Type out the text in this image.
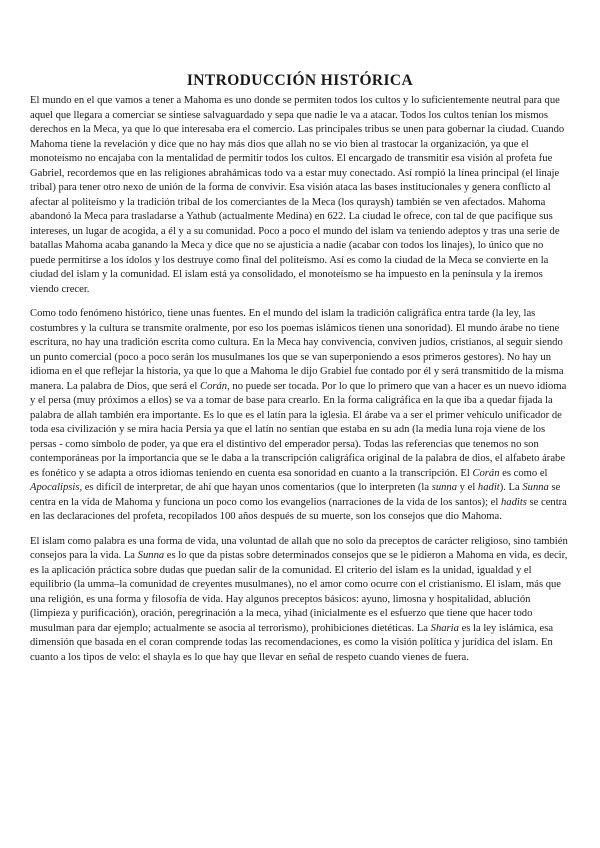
INTRODUCCIÓN HISTÓRICA

El mundo en el que vamos a tener a Mahoma es uno donde se permiten todos los cultos y lo suficientemente neutral para que aquel que llegara a comerciar se sintiese salvaguardado y sepa que nadie le va a atacar. Todos los cultos tenían los mismos derechos en la Meca, ya que lo que interesaba era el comercio. Las principales tribus se unen para gobernar la ciudad. Cuando Mahoma tiene la revelación y dice que no hay más dios que allah no se vio bien al trastocar la organización, ya que el monoteísmo no encajaba con la mentalidad de permitir todos los cultos. El encargado de transmitir esa visión al profeta fue Gabriel, recordemos que en las religiones abrahámicas todo va a estar muy conectado. Así rompió la línea principal (el linaje tribal) para tener otro nexo de unión de la forma de convivir. Esa visión ataca las bases institucionales y genera conflicto al afectar al politeísmo y la tradición tribal de los comerciantes de la Meca (los quraysh) también se ven afectados. Mahoma abandonó la Meca para trasladarse a Yathub (actualmente Medina) en 622. La ciudad le ofrece, con tal de que pacifique sus intereses, un lugar de acogida, a él y a su comunidad. Poco a poco el mundo del islam va teniendo adeptos y tras una serie de batallas Mahoma acaba ganando la Meca y dice que no se ajusticia a nadie (acabar con todos los linajes), lo único que no puede permitirse a los ídolos y los destruye como final del politeísmo. Así es como la ciudad de la Meca se convierte en la ciudad del islam y la comunidad. El islam está ya consolidado, el monoteísmo se ha impuesto en la península y la iremos viendo crecer.

Como todo fenómeno histórico, tiene unas fuentes. En el mundo del islam la tradición caligráfica entra tarde (la ley, las costumbres y la cultura se transmite oralmente, por eso los poemas islámicos tienen una sonoridad). El mundo árabe no tiene escritura, no hay una tradición escrita como cultura. En la Meca hay convivencia, conviven judíos, cristianos, al seguir siendo un punto comercial (poco a poco serán los musulmanes los que se van superponiendo a esos primeros gestores). No hay un idioma en el que reflejar la historia, ya que lo que a Mahoma le dijo Grabiel fue contado por él y será transmitido de la misma manera. La palabra de Dios, que será el Corán, no puede ser tocada. Por lo que lo primero que van a hacer es un nuevo idioma y el persa (muy próximos a ellos) se va a tomar de base para crearlo. En la forma caligráfica en la que iba a quedar fijada la palabra de allah también era importante. Es lo que es el latín para la iglesia. El árabe va a ser el primer vehículo unificador de toda esa civilización y se mira hacia Persia ya que el latín no sentían que estaba en su adn (la media luna roja viene de los persas - como símbolo de poder, ya que era el distintivo del emperador persa). Todas las referencias que tenemos no son contemporáneas por la importancia que se le daba a la transcripción caligráfica original de la palabra de dios, el alfabeto árabe es fonético y se adapta a otros idiomas teniendo en cuenta esa sonoridad en cuanto a la transcripción. El Corán es como el Apocalipsis, es difícil de interpretar, de ahí que hayan unos comentarios (que lo interpreten (la sunna y el hadit). La Sunna se centra en la vida de Mahoma y funciona un poco como los evangelios (narraciones de la vida de los santos); el hadits se centra en las declaraciones del profeta, recopilados 100 años después de su muerte, son los consejos que dio Mahoma.

El islam como palabra es una forma de vida, una voluntad de allah que no solo da preceptos de carácter religioso, sino también consejos para la vida. La Sunna es lo que da pistas sobre determinados consejos que se le pidieron a Mahoma en vida, es decir, es la aplicación práctica sobre dudas que puedan salir de la comunidad. El criterio del islam es la unidad, igualdad y el equilibrio (la umma–la comunidad de creyentes musulmanes), no el amor como ocurre con el cristianismo. El islam, más que una religión, es una forma y filosofía de vida. Hay algunos preceptos básicos: ayuno, limosna y hospitalidad, ablución (limpieza y purificación), oración, peregrinación a la meca, yihad (inicialmente es el esfuerzo que tiene que hacer todo musulman para dar ejemplo; actualmente se asocia al terrorismo), prohibiciones dietéticas. La Sharia es la ley islámica, esa dimensión que basada en el coran comprende todas las recomendaciones, es como la visión política y jurídica del islam. En cuanto a los tipos de velo: el shayla es lo que hay que llevar en señal de respeto cuando vienes de fuera.
